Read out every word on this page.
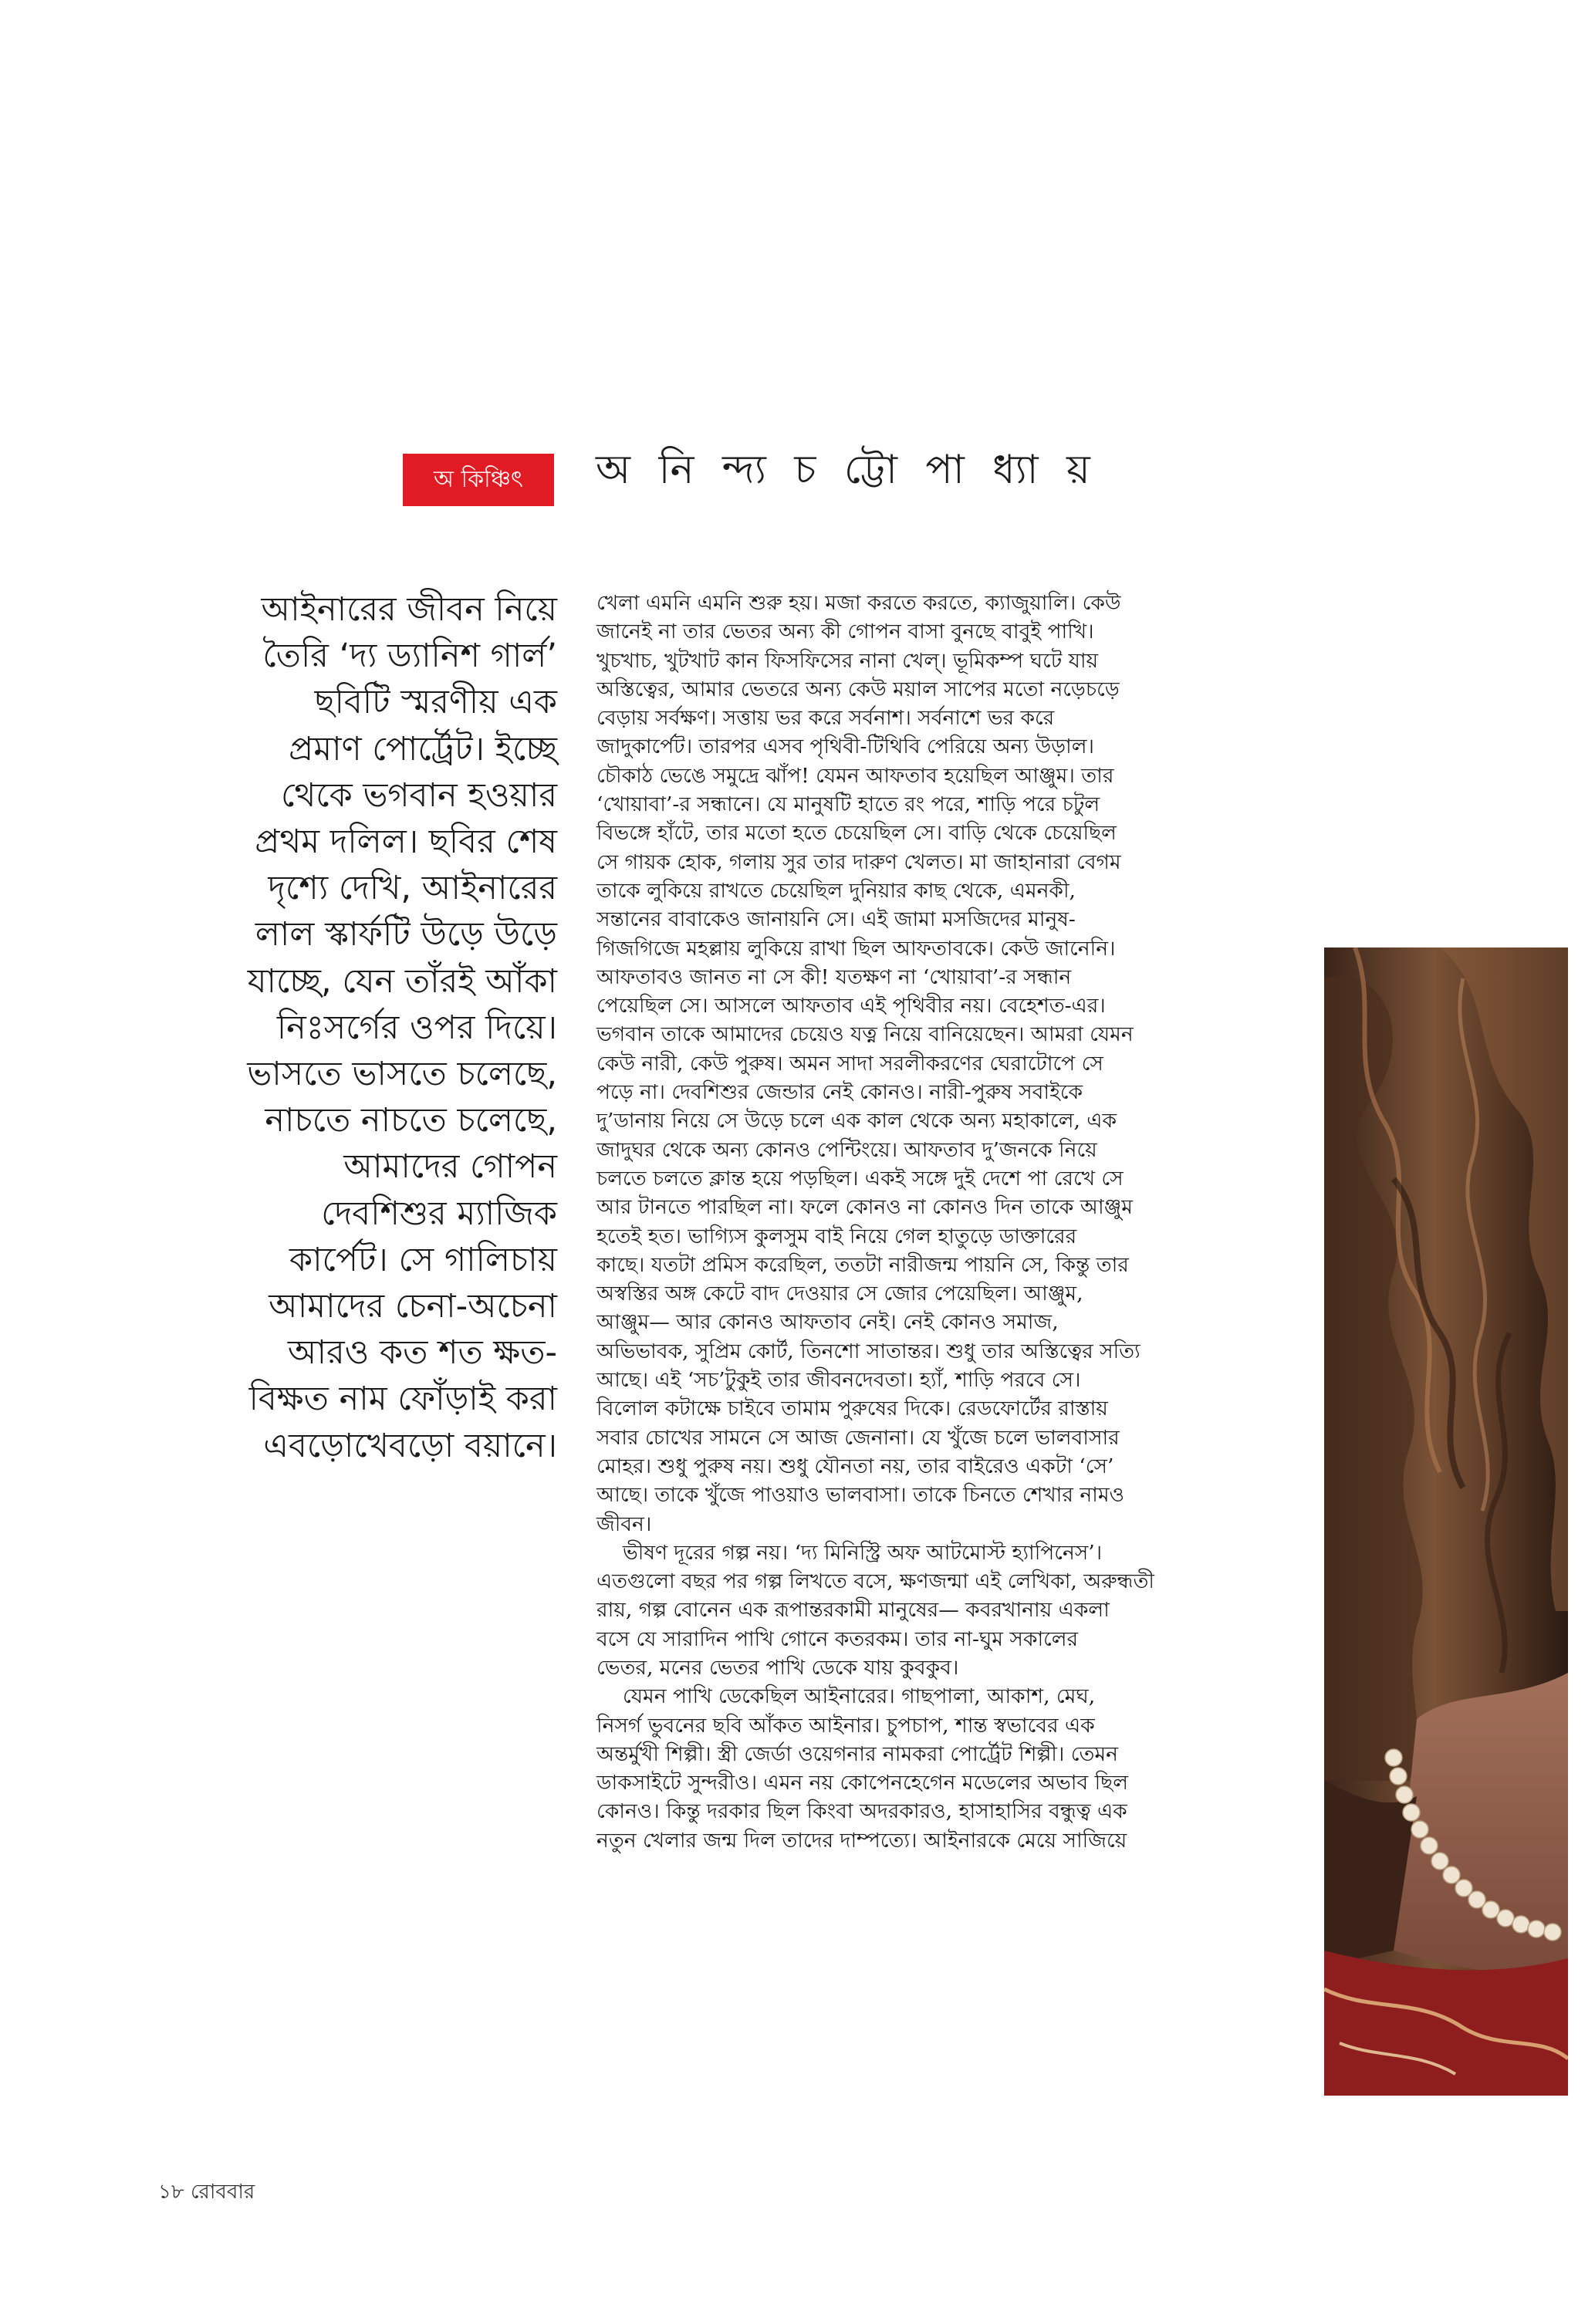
অ কিঞ্চিৎ	অ নি ন্দ্য চ ট্টো পা ধ্যা য়
আইনারের জীবন নিয়ে
তৈরি ‘দ্য ড্যানিশ গার্ল’
ছবিটি স্মরণীয় এক
প্রমাণ পোর্ট্রেট। ইচ্ছে
থেকে ভগবান হওয়ার
প্রথম দলিল। ছবির শেষ
দৃশ্যে দেখি, আইনারের
লাল স্কার্ফটি উড়ে উড়ে
যাচ্ছে, যেন তাঁরই আঁকা
নিঃসর্গের ওপর দিয়ে।
ভাসতে ভাসতে চলেছে,
নাচতে নাচতে চলেছে,
আমাদের গোপন
দেবশিশুর ম্যাজিক
কার্পেট। সে গালিচায়
আমাদের চেনা-অচেনা
আরও কত শত ক্ষত-
বিক্ষত নাম ফোঁড়াই করা
এবড়োখেবড়ো বয়ানে।
খেলা এমনি এমনি শুরু হয়। মজা করতে করতে, ক্যাজুয়ালি। কেউ
জানেই না তার ভেতর অন্য কী গোপন বাসা বুনছে বাবুই পাখি।
খুচখাচ, খুটখাট কান ফিসফিসের নানা খেল্‌। ভূমিকম্প ঘটে যায়
অস্তিত্বের, আমার ভেতরে অন্য কেউ ময়াল সাপের মতো নড়েচড়ে
বেড়ায় সর্বক্ষণ। সত্তায় ভর করে সর্বনাশ। সর্বনাশে ভর করে
জাদুকার্পেট। তারপর এসব পৃথিবী-টিথিবি পেরিয়ে অন্য উড়াল।
চৌকাঠ ভেঙে সমুদ্রে ঝাঁপ! যেমন আফতাব হয়েছিল আঞ্জুম। তার
‘খোয়াবা’-র সন্ধানে। যে মানুষটি হাতে রং পরে, শাড়ি পরে চটুল
বিভঙ্গে হাঁটে, তার মতো হতে চেয়েছিল সে। বাড়ি থেকে চেয়েছিল
সে গায়ক হোক, গলায় সুর তার দারুণ খেলত। মা জাহানারা বেগম
তাকে লুকিয়ে রাখতে চেয়েছিল দুনিয়ার কাছ থেকে, এমনকী,
সন্তানের বাবাকেও জানায়নি সে। এই জামা মসজিদের মানুষ-
গিজগিজে মহল্লায় লুকিয়ে রাখা ছিল আফতাবকে। কেউ জানেনি।
আফতাবও জানত না সে কী! যতক্ষণ না ‘খোয়াবা’-র সন্ধান
পেয়েছিল সে। আসলে আফতাব এই পৃথিবীর নয়। বেহেশত-এর।
ভগবান তাকে আমাদের চেয়েও যত্ন নিয়ে বানিয়েছেন। আমরা যেমন
কেউ নারী, কেউ পুরুষ। অমন সাদা সরলীকরণের ঘেরাটোপে সে
পড়ে না। দেবশিশুর জেন্ডার নেই কোনও। নারী-পুরুষ সবাইকে
দু’ডানায় নিয়ে সে উড়ে চলে এক কাল থেকে অন্য মহাকালে, এক
জাদুঘর থেকে অন্য কোনও পেন্টিংয়ে। আফতাব দু’জনকে নিয়ে
চলতে চলতে ক্লান্ত হয়ে পড়ছিল। একই সঙ্গে দুই দেশে পা রেখে সে
আর টানতে পারছিল না। ফলে কোনও না কোনও দিন তাকে আঞ্জুম
হতেই হত। ভাগ্যিস কুলসুম বাই নিয়ে গেল হাতুড়ে ডাক্তারের
কাছে। যতটা প্রমিস করেছিল, ততটা নারীজন্ম পায়নি সে, কিন্তু তার
অস্বস্তির অঙ্গ কেটে বাদ দেওয়ার সে জোর পেয়েছিল। আঞ্জুম,
আঞ্জুম— আর কোনও আফতাব নেই। নেই কোনও সমাজ,
অভিভাবক, সুপ্রিম কোর্ট, তিনশো সাতান্তর। শুধু তার অস্তিত্বের সত্যি
আছে। এই ‘সচ’টুকুই তার জীবনদেবতা। হ্যাঁ, শাড়ি পরবে সে।
বিলোল কটাক্ষে চাইবে তামাম পুরুষের দিকে। রেডফোর্টের রাস্তায়
সবার চোখের সামনে সে আজ জেনানা। যে খুঁজে চলে ভালবাসার
মোহর। শুধু পুরুষ নয়। শুধু যৌনতা নয়, তার বাইরেও একটা ‘সে’
আছে। তাকে খুঁজে পাওয়াও ভালবাসা। তাকে চিনতে শেখার নামও
জীবন।
ভীষণ দূরের গল্প নয়। ‘দ্য মিনিস্ট্রি অফ আটমোস্ট হ্যাপিনেস’।
এতগুলো বছর পর গল্প লিখতে বসে, ক্ষণজন্মা এই লেখিকা, অরুন্ধতী
রায়, গল্প বোনেন এক রূপান্তরকামী মানুষের— কবরখানায় একলা
বসে যে সারাদিন পাখি গোনে কতরকম। তার না-ঘুম সকালের
ভেতর, মনের ভেতর পাখি ডেকে যায় কুবকুব।
যেমন পাখি ডেকেছিল আইনারের। গাছপালা, আকাশ, মেঘ,
নিসর্গ ভুবনের ছবি আঁকত আইনার। চুপচাপ, শান্ত স্বভাবের এক
অন্তর্মুখী শিল্পী। স্ত্রী জের্ডা ওয়েগনার নামকরা পোর্ট্রেট শিল্পী। তেমন
ডাকসাইটে সুন্দরীও। এমন নয় কোপেনহেগেন মডেলের অভাব ছিল
কোনও। কিন্তু দরকার ছিল কিংবা অদরকারও, হাসাহাসির বন্ধুত্ব এক
নতুন খেলার জন্ম দিল তাদের দাম্পত্যে। আইনারকে মেয়ে সাজিয়ে
১৮ রোববার
